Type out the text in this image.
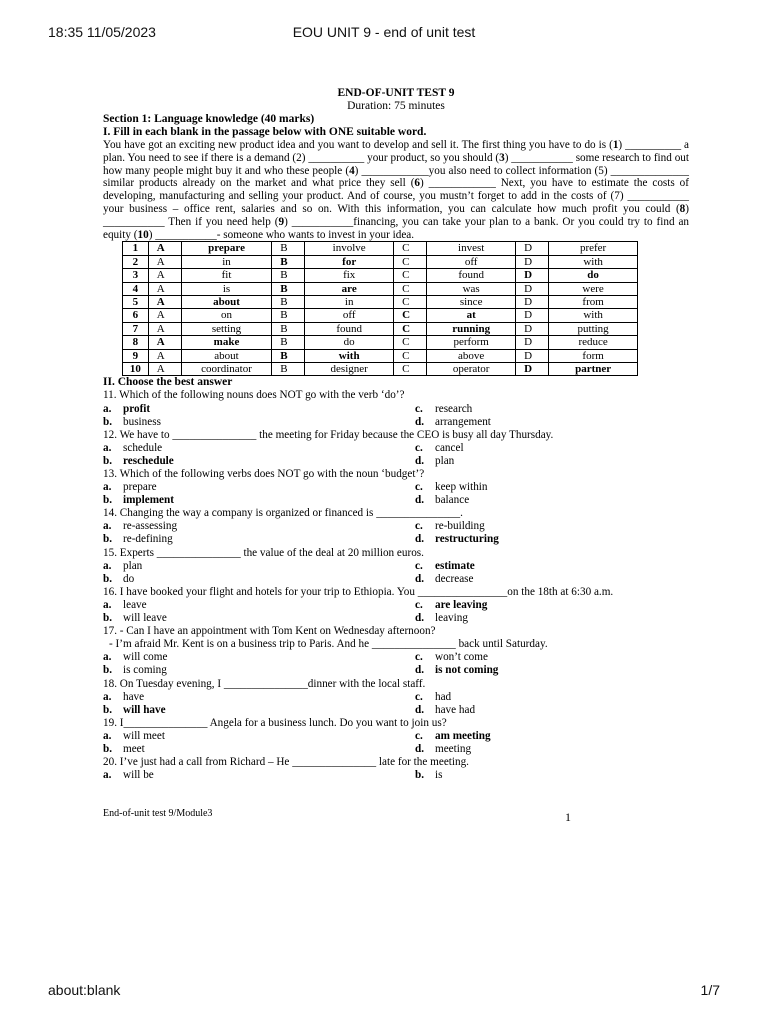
18:35 11/05/2023	EOU UNIT 9 - end of unit test
END-OF-UNIT TEST 9
Duration: 75 minutes
Section 1: Language knowledge (40 marks)
I. Fill in each blank in the passage below with ONE suitable word.
You have got an exciting new product idea and you want to develop and sell it. The first thing you have to do is (1) __________ a plan. You need to see if there is a demand (2) __________ your product, so you should (3) ___________ some research to find out how many people might buy it and who these people (4) ____________you also need to collect information (5) ______________ similar products already on the market and what price they sell (6) ____________ Next, you have to estimate the costs of developing, manufacturing and selling your product. And of course, you mustn’t forget to add in the costs of (7) ___________ your business – office rent, salaries and so on. With this information, you can calculate how much profit you could (8) ___________ Then if you need help (9) ___________financing, you can take your plan to a bank. Or you could try to find an equity (10) ___________- someone who wants to invest in your idea.
1	A	prepare	B	involve	C	invest	D	prefer
2	A	in	B	for	C	off	D	with
3	A	fit	B	fix	C	found	D	do
4	A	is	B	are	C	was	D	were
5	A	about	B	in	C	since	D	from
6	A	on	B	off	C	at	D	with
7	A	setting	B	found	C	running	D	putting
8	A	make	B	do	C	perform	D	reduce
9	A	about	B	with	C	above	D	form
10	A	coordinator	B	designer	C	operator	D	partner
II. Choose the best answer
11. Which of the following nouns does NOT go with the verb ‘do’?
a. profit	c. research
b. business	d. arrangement
12. We have to _______________ the meeting for Friday because the CEO is busy all day Thursday.
a. schedule	c. cancel
b. reschedule	d. plan
13. Which of the following verbs does NOT go with the noun ‘budget’?
a. prepare	c. keep within
b. implement	d. balance
14. Changing the way a company is organized or financed is _______________.
a. re-assessing	c. re-building
b. re-defining	d. restructuring
15. Experts _______________ the value of the deal at 20 million euros.
a. plan	c. estimate
b. do	d. decrease
16. I have booked your flight and hotels for your trip to Ethiopia. You ________________on the 18th at 6:30 a.m.
a. leave	c. are leaving
b. will leave	d. leaving
17. - Can I have an appointment with Tom Kent on Wednesday afternoon?
- I’m afraid Mr. Kent is on a business trip to Paris. And he _______________ back until Saturday.
a. will come	c. won’t come
b. is coming	d. is not coming
18. On Tuesday evening, I _______________dinner with the local staff.
a. have	c. had
b. will have	d. have had
19. I_______________ Angela for a business lunch. Do you want to join us?
a. will meet	c. am meeting
b. meet	d. meeting
20. I’ve just had a call from Richard – He _______________ late for the meeting.
a. will be	b. is
End-of-unit test 9/Module3	1
about:blank	1/7
